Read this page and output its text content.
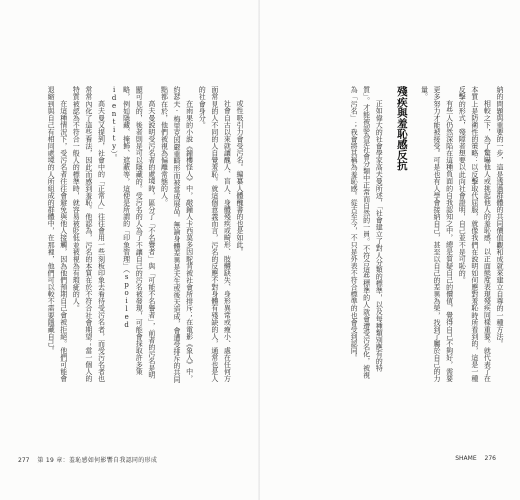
或性吸引力會受污名。編纂人體醜書的也是如此。

社會自古以來就讓醜人、盲人、身體殘疾或畸形、肢體缺失、身形異常或瘦小、處在任何方面常見的人不同的人自覺羞恥。就這個意義而言，污名的反應不對身體有殘缺的人，通常也是人的社會身分。

在雨果的小說《鐘樓怪人》中，敲鐘人卡西莫多因駝背被社會所排斥；在電影《象人》中，約瑟夫·梅里克因嚴重畸形而被當成展品。無論身體差異是天生或後天造成，會遭受排斥的共同點都在於，他們被視為偏離常態的人。

高夫曼說明受污名者的處境時，區分了「不名譽者」與「可能不名譽者」，前者的污名是明顯可見的，後者則是可以隱藏的。受污名的人為了不讓自己的污名被發現，可能會採取許多策略，例如隱藏、掩飾、遮蔽等，這便是所謂的「印象管理」（spoiled identity）。

高夫曼又提到，社會中的「正常人」往往會用一些刻板印象去看待受污名者，而受污名者也常常內化了這些看法，因此而感到羞恥。他認為，污名的本質在於不符合社會期望；當一個人的特質被認為不符合一般人的標準時，就容易被貶低並被視為有瑕疵的人。

在這種情況下，受污名者往往會避免與他人接觸，因為他們預期自己會被拒絕。他們可能會退縮到與自己有相同處境的人所組成的群體中，在那裡，他們可以較不需要隱藏自己。

277 第 19 章：羞恥感如何影響自我認同的形成

納的問題與重要的一步，這是透過群體的共同價值觀和成就來建立自尊的一種方法。

相較之下，為了驚嚇他人或挑起他人的羞恥感，以正面態度表現殘疾同樣重要。就代表了在本質上是防衛性的策略：以反擊取代屈服，就像我們在說明如何應對羞恥時所看到的，這是一種反擊的形式，殘障者想要以此向社會證明，自己並不是可恥的。

有些人仍然深陷在這種負面的自我認知之中，總是質疑自己的價值，覺得自己不夠好，需要更多努力才能被接受。可是也有人學會接納自己，甚至以自己的差異為榮，找到了屬於自己的力量。

殘疾與羞恥感反抗

正如偉大的社會學家高夫曼所述，「社會建立了對人分類的標準，以及每種類別應有的特質」。才能被認為是社會分類中正常而自然的一員。不符合這些標準的人就會遭受污名化，被視為「污名」；我會將其稱為羞恥感。從古至今，不只是外表不符合標準的也會受到認同。

SHAME 276
